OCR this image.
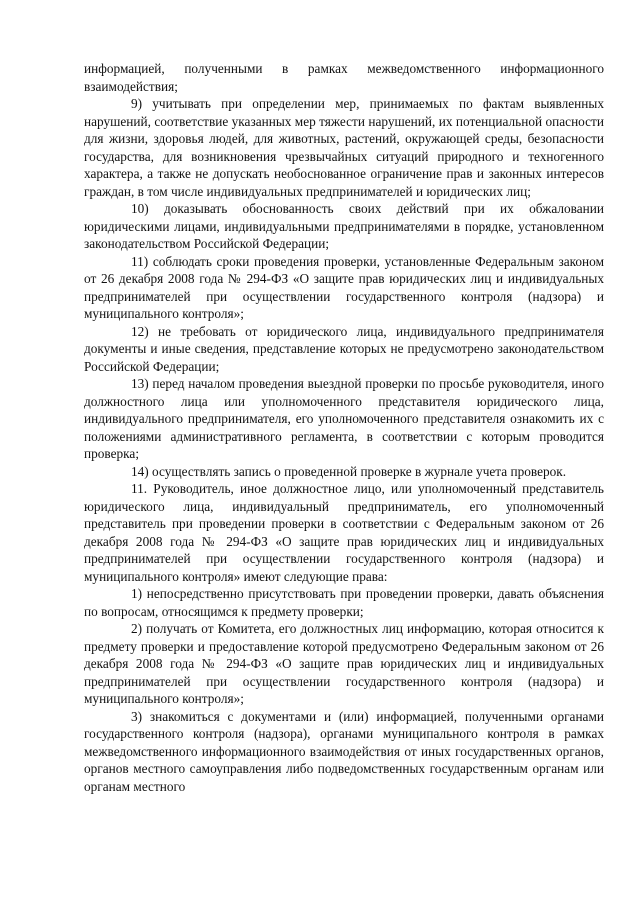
информацией, полученными в рамках межведомственного информационного взаимодействия;

9) учитывать при определении мер, принимаемых по фактам выявленных нарушений, соответствие указанных мер тяжести нарушений, их потенциальной опасности для жизни, здоровья людей, для животных, растений, окружающей среды, безопасности государства, для возникновения чрезвычайных ситуаций природного и техногенного характера, а также не допускать необоснованное ограничение прав и законных интересов граждан, в том числе индивидуальных предпринимателей и юридических лиц;

10) доказывать обоснованность своих действий при их обжаловании юридическими лицами, индивидуальными предпринимателями в порядке, установленном законодательством Российской Федерации;

11) соблюдать сроки проведения проверки, установленные Федеральным законом от 26 декабря 2008 года № 294-ФЗ «О защите прав юридических лиц и индивидуальных предпринимателей при осуществлении государственного контроля (надзора) и муниципального контроля»;

12) не требовать от юридического лица, индивидуального предпринимателя документы и иные сведения, представление которых не предусмотрено законодательством Российской Федерации;

13) перед началом проведения выездной проверки по просьбе руководителя, иного должностного лица или уполномоченного представителя юридического лица, индивидуального предпринимателя, его уполномоченного представителя ознакомить их с положениями административного регламента, в соответствии с которым проводится проверка;

14) осуществлять запись о проведенной проверке в журнале учета проверок.

11. Руководитель, иное должностное лицо, или уполномоченный представитель юридического лица, индивидуальный предприниматель, его уполномоченный представитель при проведении проверки в соответствии с Федеральным законом от 26 декабря 2008 года № 294-ФЗ «О защите прав юридических лиц и индивидуальных предпринимателей при осуществлении государственного контроля (надзора) и муниципального контроля» имеют следующие права:

1) непосредственно присутствовать при проведении проверки, давать объяснения по вопросам, относящимся к предмету проверки;

2) получать от Комитета, его должностных лиц информацию, которая относится к предмету проверки и предоставление которой предусмотрено Федеральным законом от 26 декабря 2008 года № 294-ФЗ «О защите прав юридических лиц и индивидуальных предпринимателей при осуществлении государственного контроля (надзора) и муниципального контроля»;

3) знакомиться с документами и (или) информацией, полученными органами государственного контроля (надзора), органами муниципального контроля в рамках межведомственного информационного взаимодействия от иных государственных органов, органов местного самоуправления либо подведомственных государственным органам или органам местного
